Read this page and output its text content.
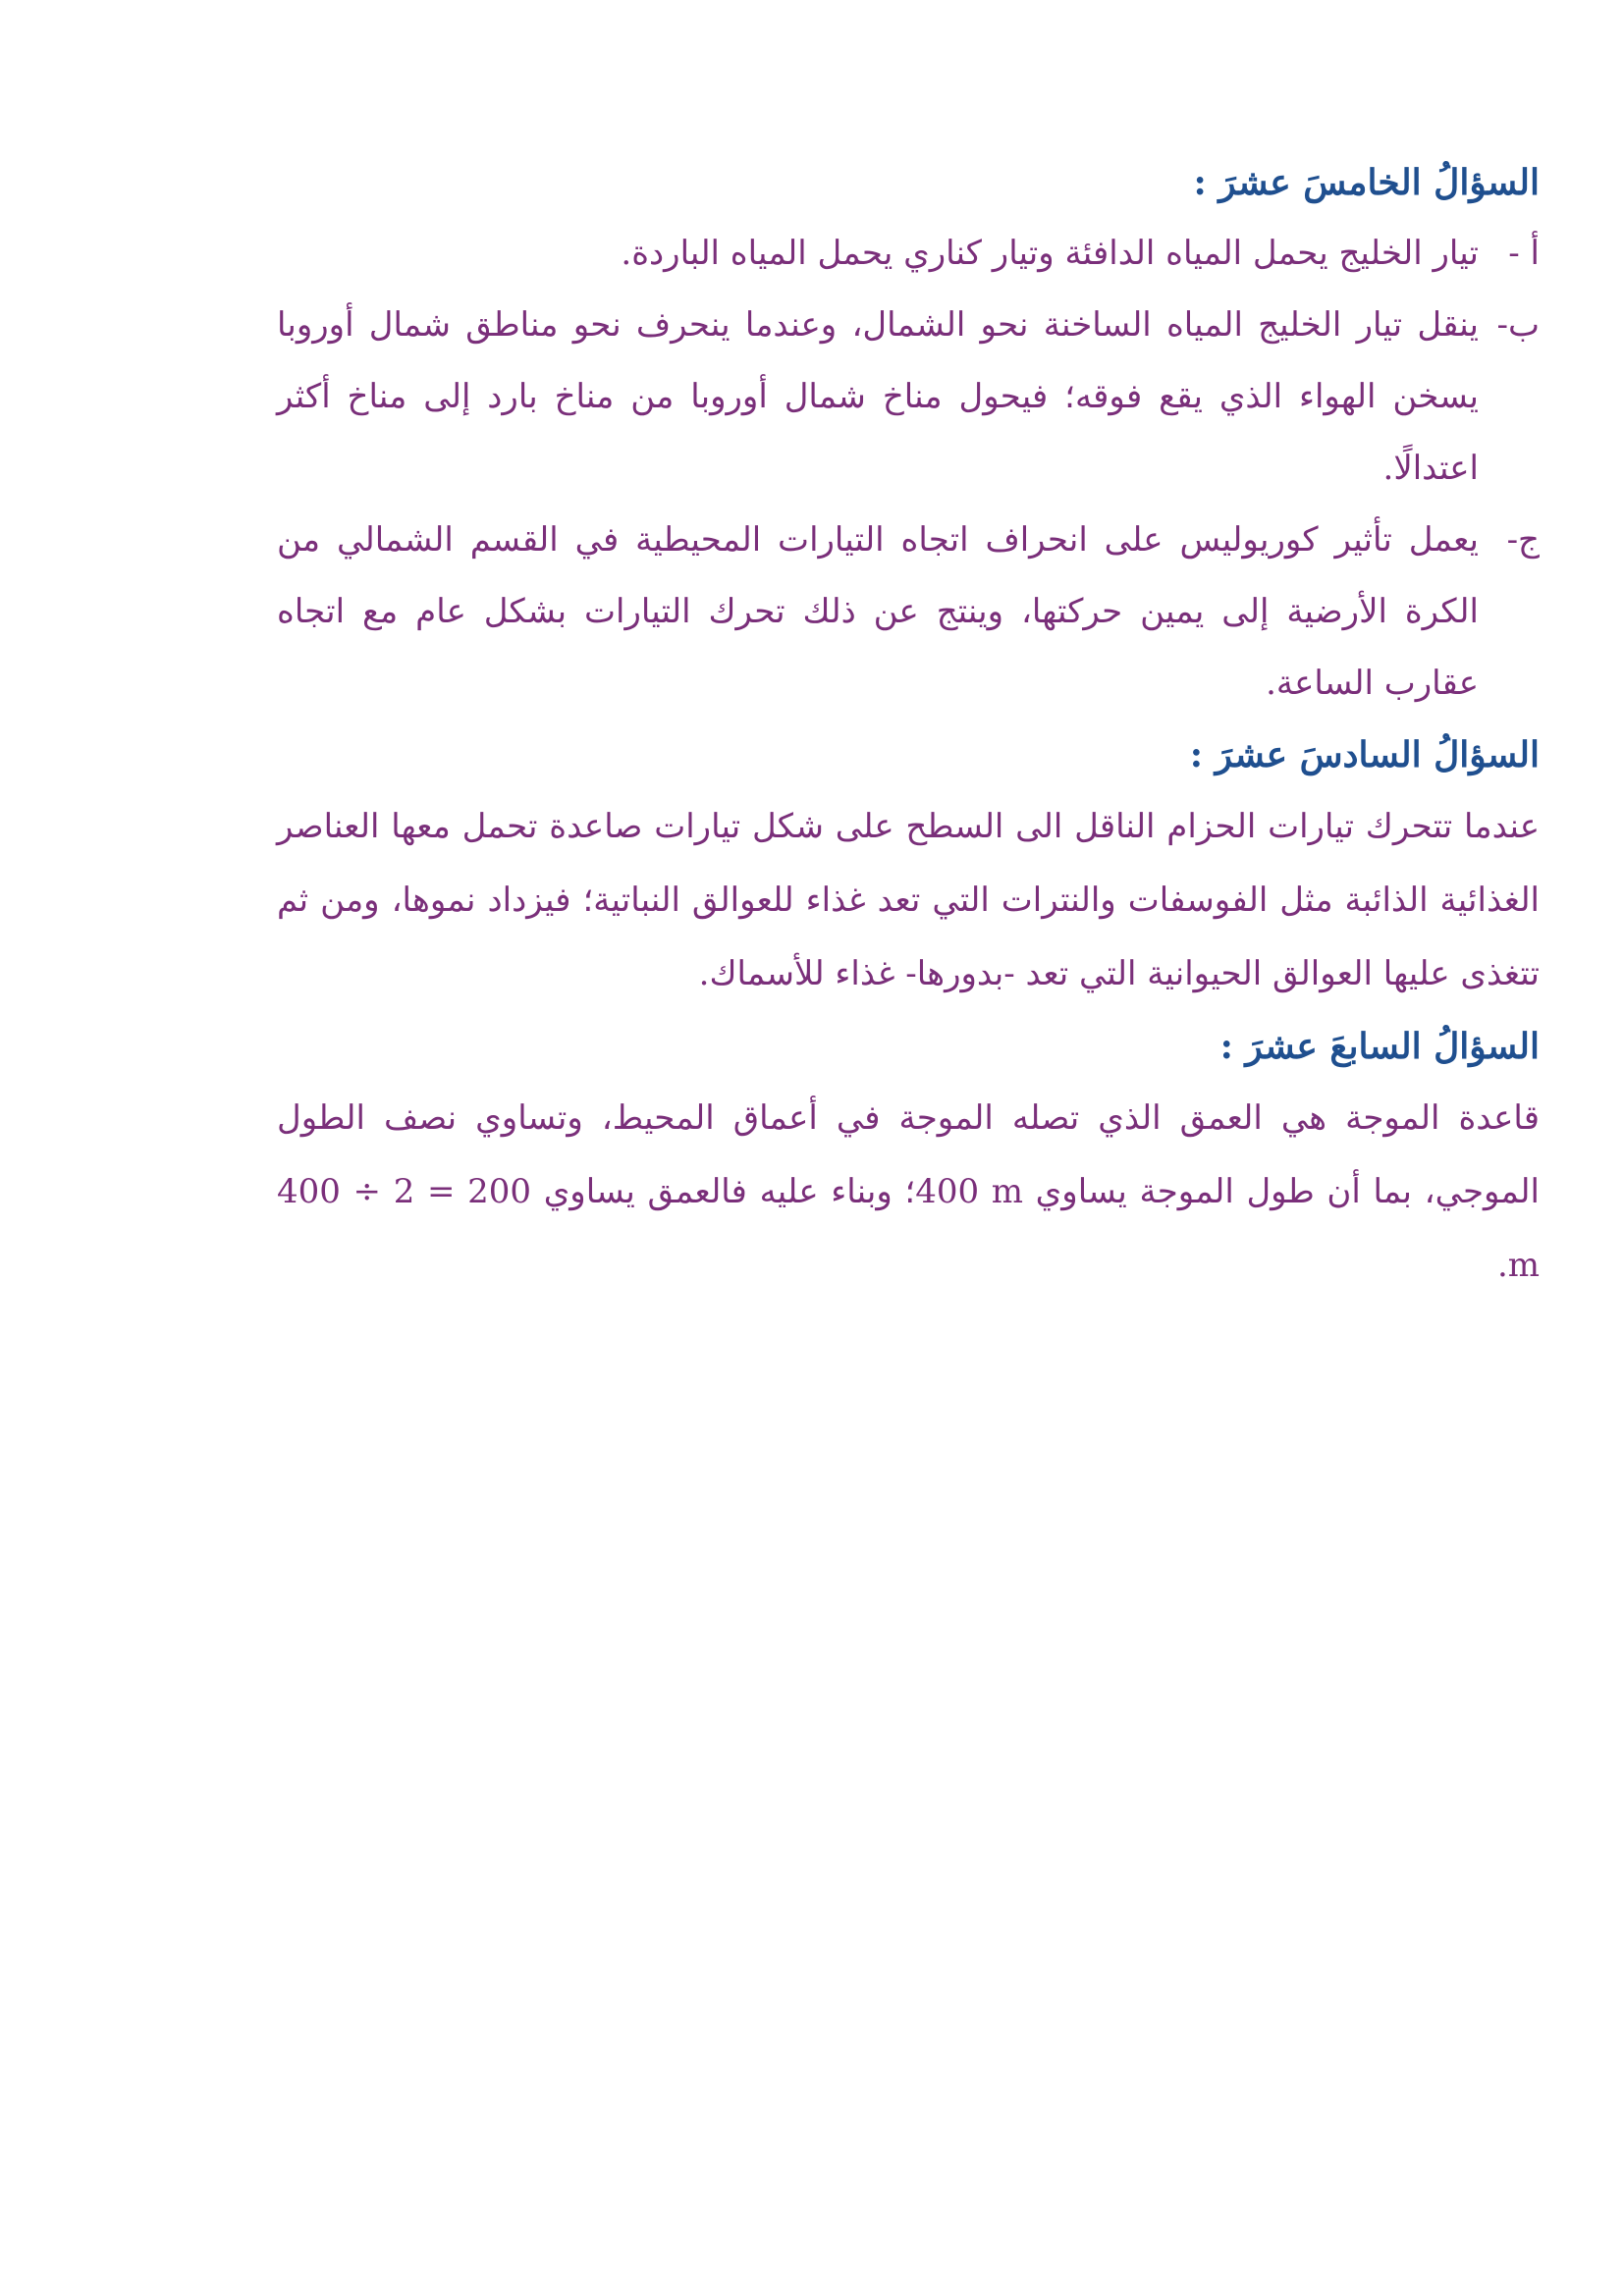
السؤالُ الخامسَ عشرَ :
أ -
تيار الخليج يحمل المياه الدافئة وتيار كناري يحمل المياه الباردة.
ب-
ينقل تيار الخليج المياه الساخنة نحو الشمال، وعندما ينحرف نحو مناطق شمال أوروبا يسخن الهواء الذي يقع فوقه؛ فيحول مناخ شمال أوروبا من مناخ بارد إلى مناخ أكثر اعتدالًا.
ج-
يعمل تأثير كوريوليس على انحراف اتجاه التيارات المحيطية في القسم الشمالي من الكرة الأرضية إلى يمين حركتها، وينتج عن ذلك تحرك التيارات بشكل عام مع اتجاه عقارب الساعة.
السؤالُ السادسَ عشرَ :

عندما تتحرك تيارات الحزام الناقل الى السطح على شكل تيارات صاعدة تحمل معها العناصر الغذائية الذائبة مثل الفوسفات والنترات التي تعد غذاء للعوالق النباتية؛ فيزداد نموها، ومن ثم تتغذى عليها العوالق الحيوانية التي تعد -بدورها- غذاء للأسماك.

السؤالُ السابعَ عشرَ :

قاعدة الموجة هي العمق الذي تصله الموجة في أعماق المحيط، وتساوي نصف الطول الموجي، بما أن طول الموجة يساوي 400 m؛ وبناء عليه فالعمق يساوي 400 ÷ 2 = 200 m.
